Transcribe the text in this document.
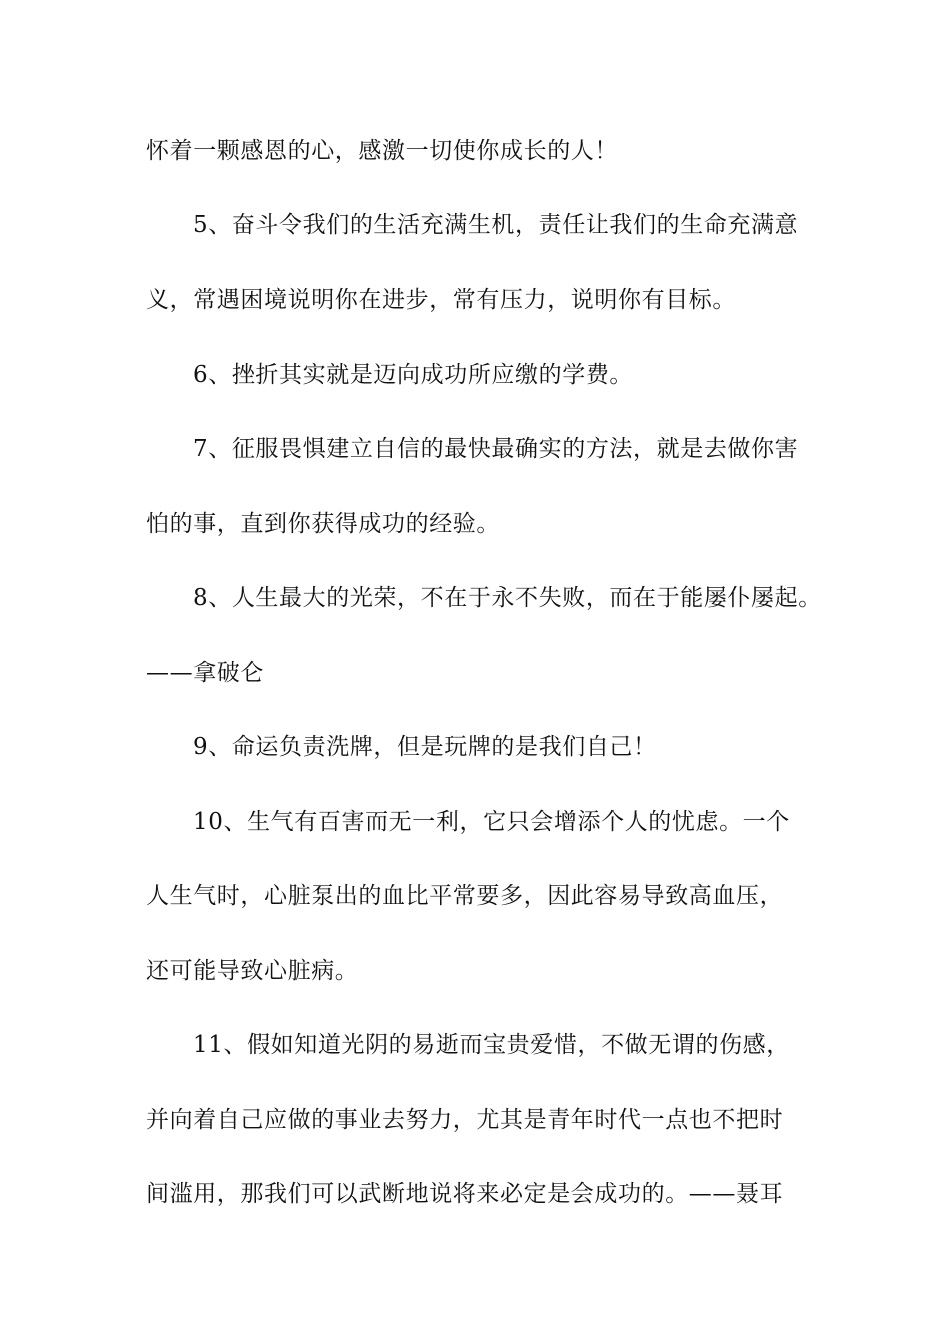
怀着一颗感恩的心，感激一切使你成长的人！
5、奋斗令我们的生活充满生机，责任让我们的生命充满意
义，常遇困境说明你在进步，常有压力，说明你有目标。
6、挫折其实就是迈向成功所应缴的学费。
7、征服畏惧建立自信的最快最确实的方法，就是去做你害
怕的事，直到你获得成功的经验。
8、人生最大的光荣，不在于永不失败，而在于能屡仆屡起。
——拿破仑
9、命运负责洗牌，但是玩牌的是我们自己！
10、生气有百害而无一利，它只会增添个人的忧虑。一个
人生气时，心脏泵出的血比平常要多，因此容易导致高血压，
还可能导致心脏病。
11、假如知道光阴的易逝而宝贵爱惜，不做无谓的伤感，
并向着自己应做的事业去努力，尤其是青年时代一点也不把时
间滥用，那我们可以武断地说将来必定是会成功的。——聂耳
